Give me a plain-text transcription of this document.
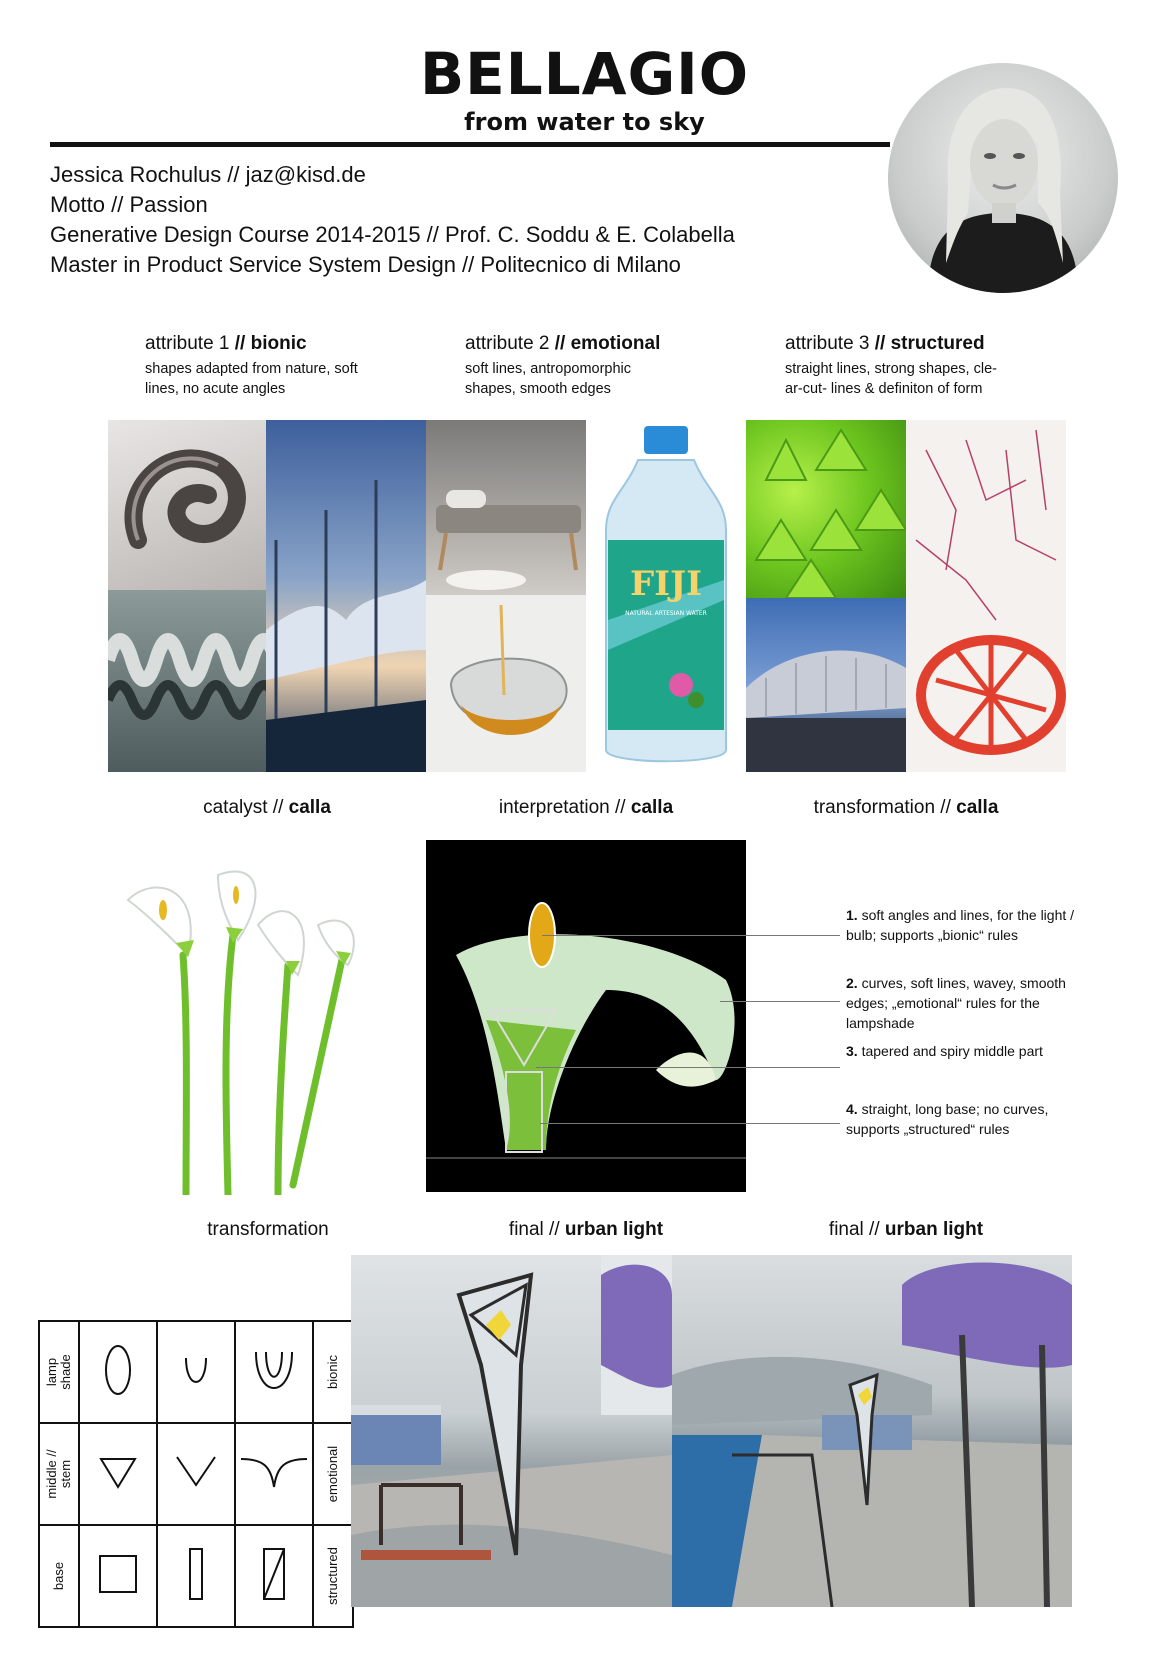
BELLAGIO
from water to sky
Jessica Rochulus // jaz@kisd.de
Motto // Passion
Generative Design Course 2014-2015 // Prof. C. Soddu & E. Colabella
Master in Product Service System Design // Politecnico di Milano
attribute 1 // bionic
shapes adapted from nature, soft
lines, no acute angles
attribute 2 // emotional
soft lines, antropomorphic
shapes, smooth edges
attribute 3 // structured
straight lines, strong shapes, cle-
ar-cut- lines & definiton of form
FIJI
NATURAL ARTESIAN WATER
catalyst // calla	interpretation // calla	transformation // calla
1. soft angles and lines, for the light / bulb; supports „bionic“ rules
2. curves, soft lines, wavey, smooth edges; „emotional“ rules for the lampshade
3. tapered and spiry middle part
4. straight, long base; no curves, supports „structured“ rules
transformation	final // urban light	final // urban light
lamp
shade				bionic

middle //
stem				emotional

base				structured
